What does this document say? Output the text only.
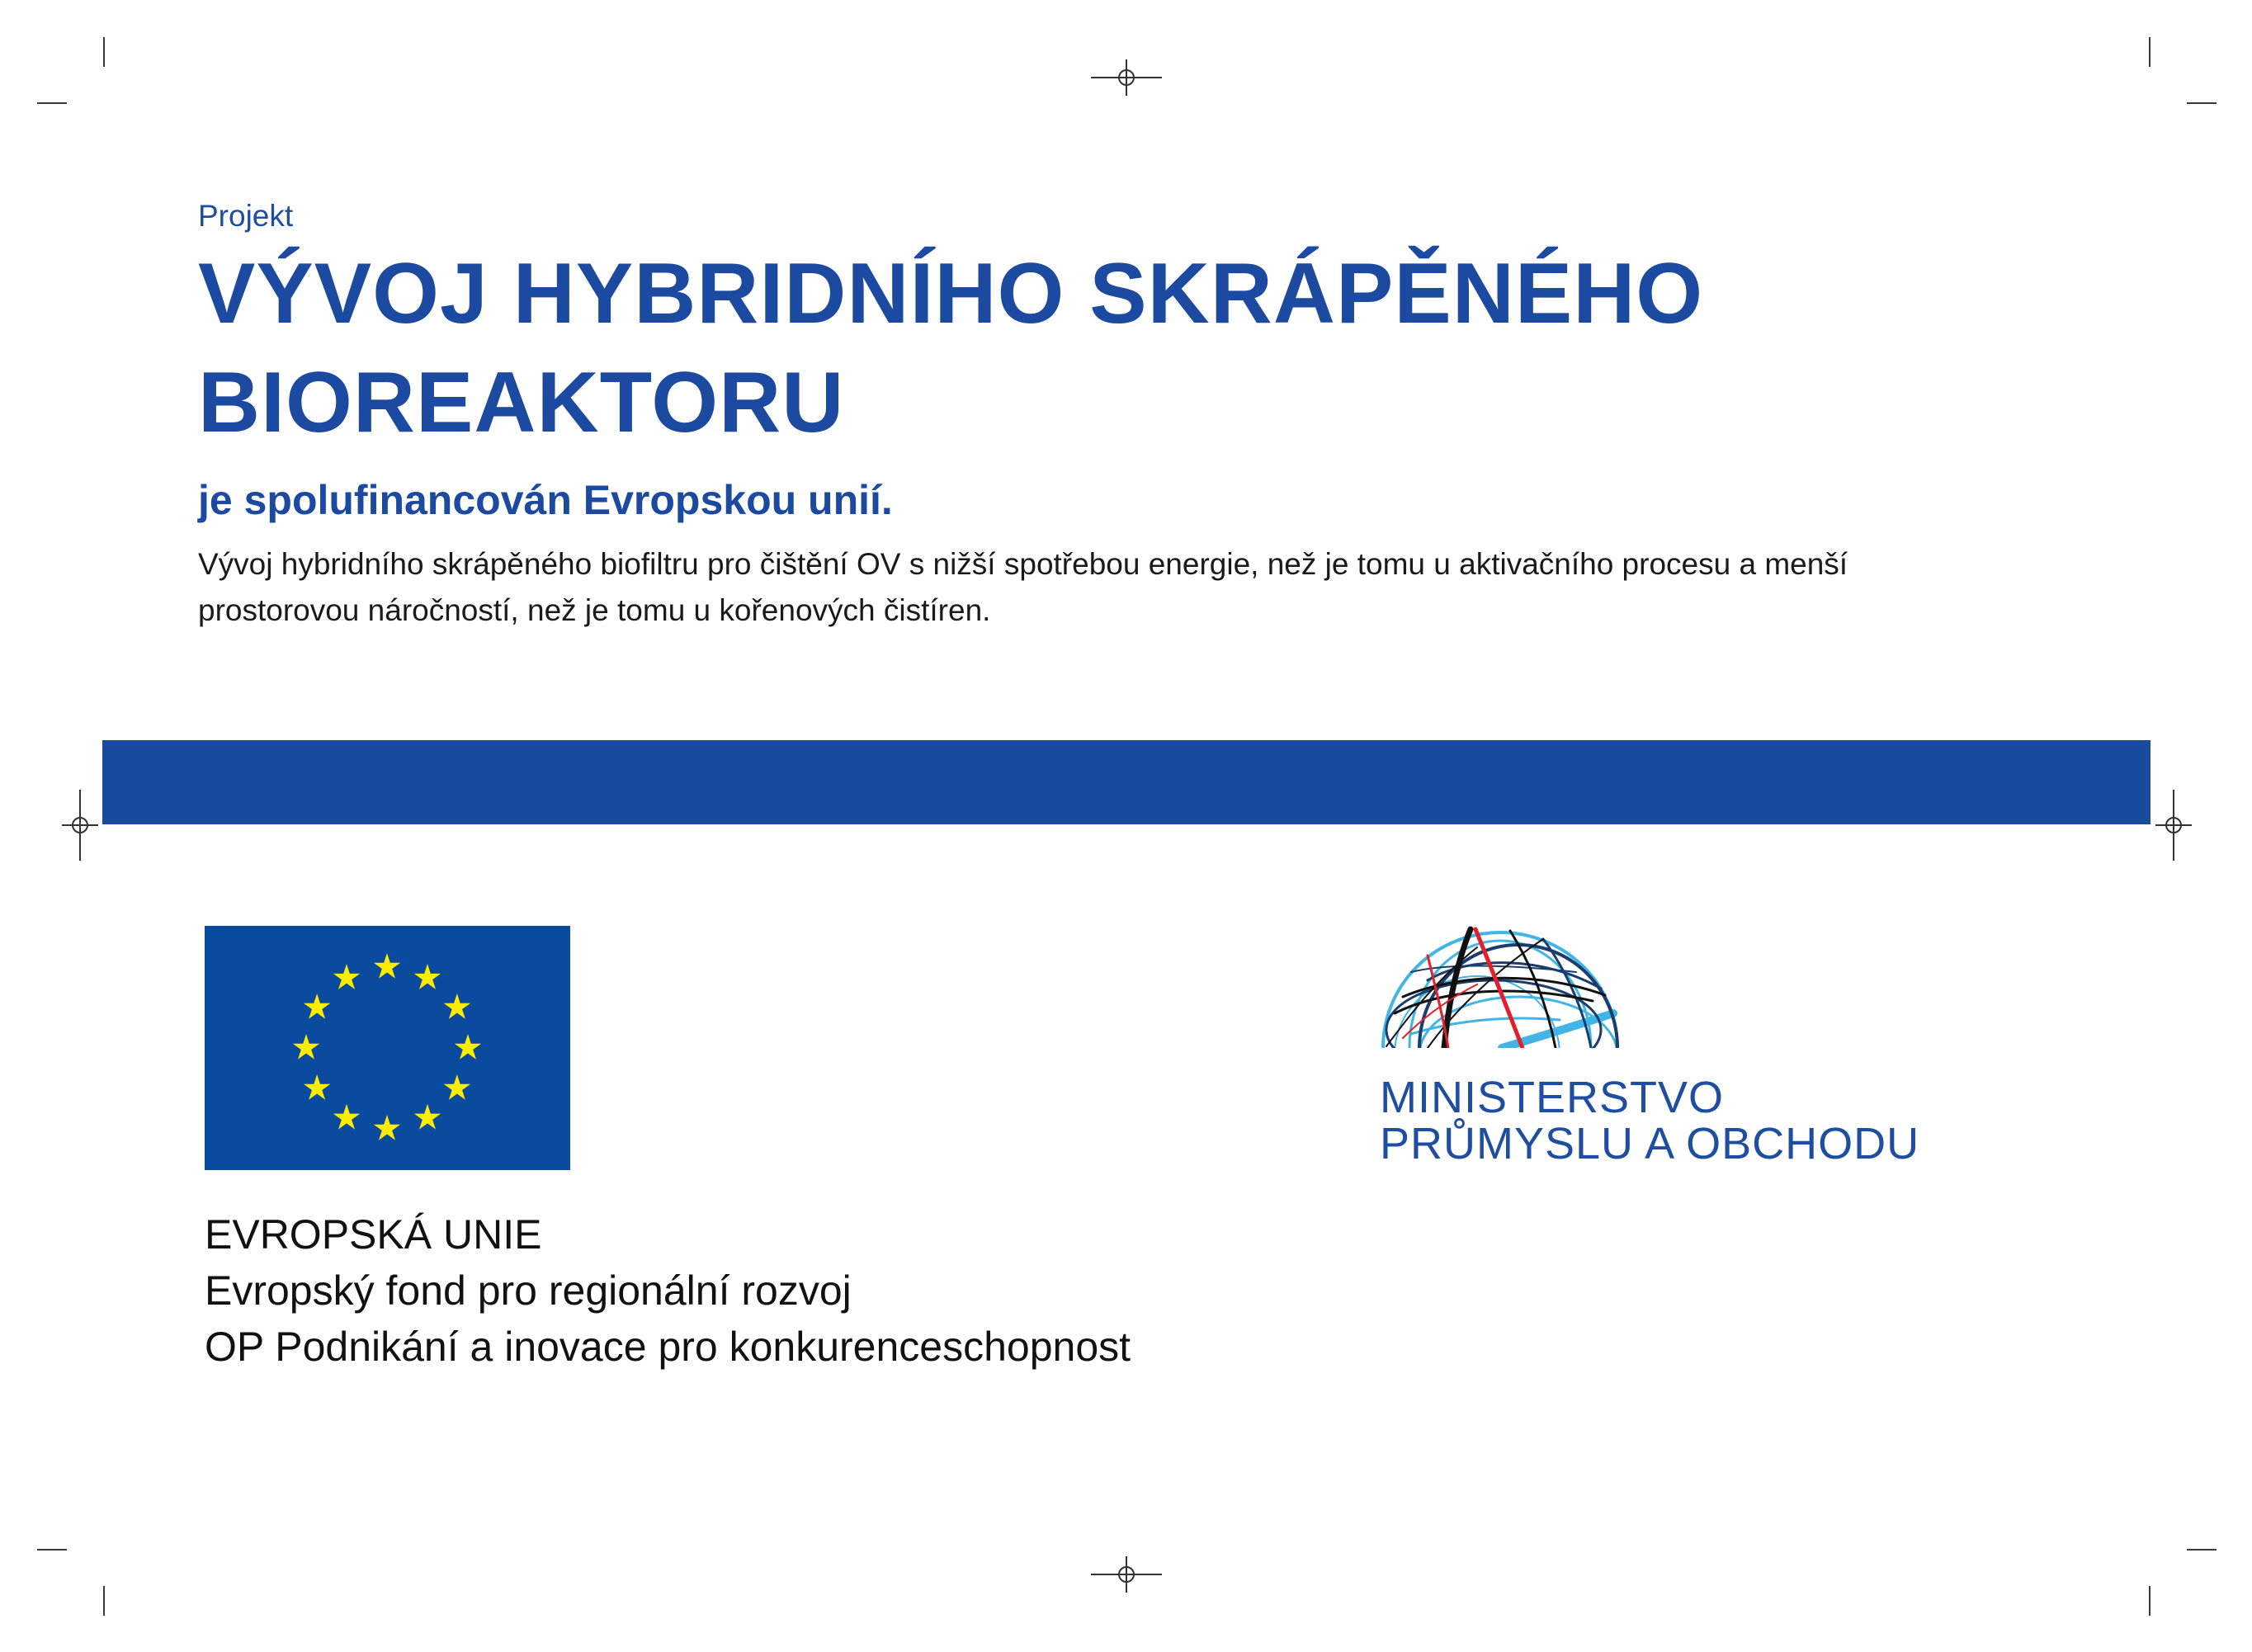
Projekt
VÝVOJ HYBRIDNÍHO SKRÁPĚNÉHO
BIOREAKTORU
je spolufinancován Evropskou unií.
Vývoj hybridního skrápěného biofiltru pro čištění OV s nižší spotřebou energie, než je tomu u aktivačního procesu a menší
prostorovou náročností, než je tomu u kořenových čistíren.
EVROPSKÁ UNIE
Evropský fond pro regionální rozvoj
OP Podnikání a inovace pro konkurenceschopnost
MINISTERSTVO
PRŮMYSLU A OBCHODU
